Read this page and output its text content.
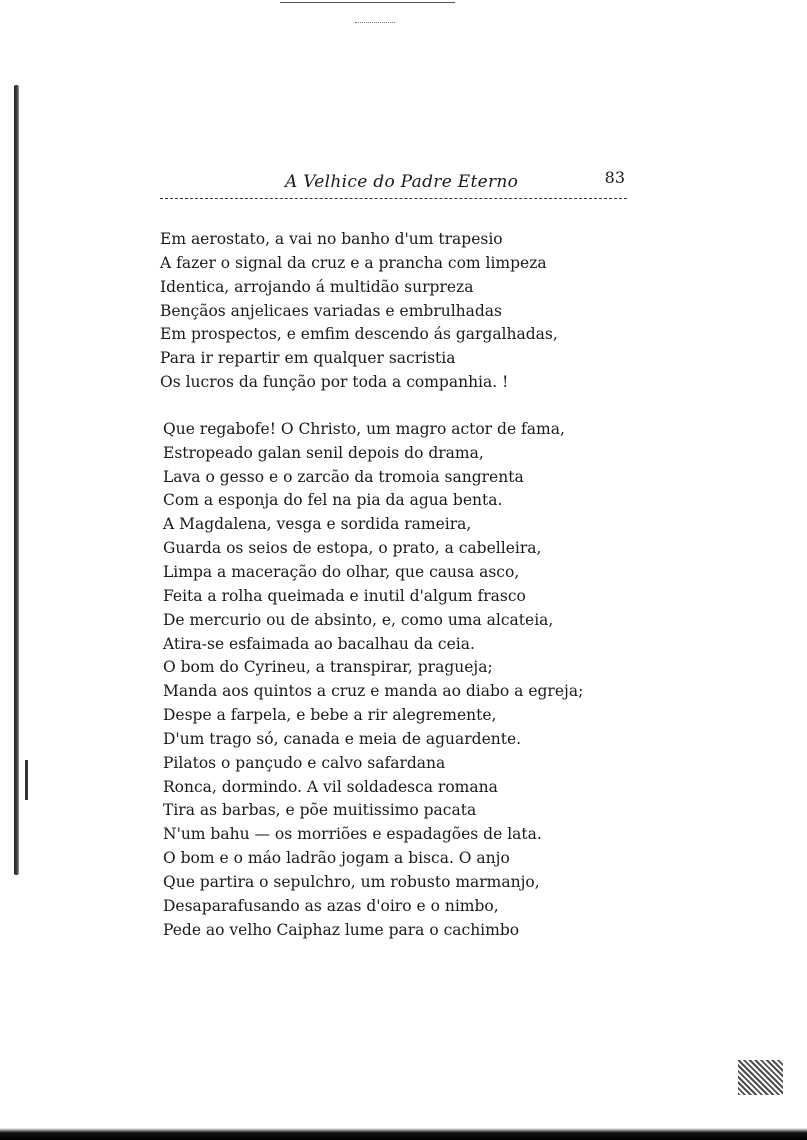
A Velhice do Padre Eterno	83
Em aerostato, a vai no banho d'um trapesio
A fazer o signal da cruz e a prancha com limpeza
Identica, arrojando á multidão surpreza
Bençãos anjelicaes variadas e embrulhadas
Em prospectos, e emfim descendo ás gargalhadas,
Para ir repartir em qualquer sacristia
Os lucros da função por toda a companhia. !
Que regabofe! O Christo, um magro actor de fama,
Estropeado galan senil depois do drama,
Lava o gesso e o zarcão da tromoia sangrenta
Com a esponja do fel na pia da agua benta.
A Magdalena, vesga e sordida rameira,
Guarda os seios de estopa, o prato, a cabelleira,
Limpa a maceração do olhar, que causa asco,
Feita a rolha queimada e inutil d'algum frasco
De mercurio ou de absinto, e, como uma alcateia,
Atira-se esfaimada ao bacalhau da ceia.
O bom do Cyrineu, a transpirar, pragueja;
Manda aos quintos a cruz e manda ao diabo a egreja;
Despe a farpela, e bebe a rir alegremente,
D'um trago só, canada e meia de aguardente.
Pilatos o pançudo e calvo safardana
Ronca, dormindo. A vil soldadesca romana
Tira as barbas, e põe muitissimo pacata
N'um bahu — os morriões e espadagões de lata.
O bom e o máo ladrão jogam a bisca. O anjo
Que partira o sepulchro, um robusto marmanjo,
Desaparafusando as azas d'oiro e o nimbo,
Pede ao velho Caiphaz lume para o cachimbo
